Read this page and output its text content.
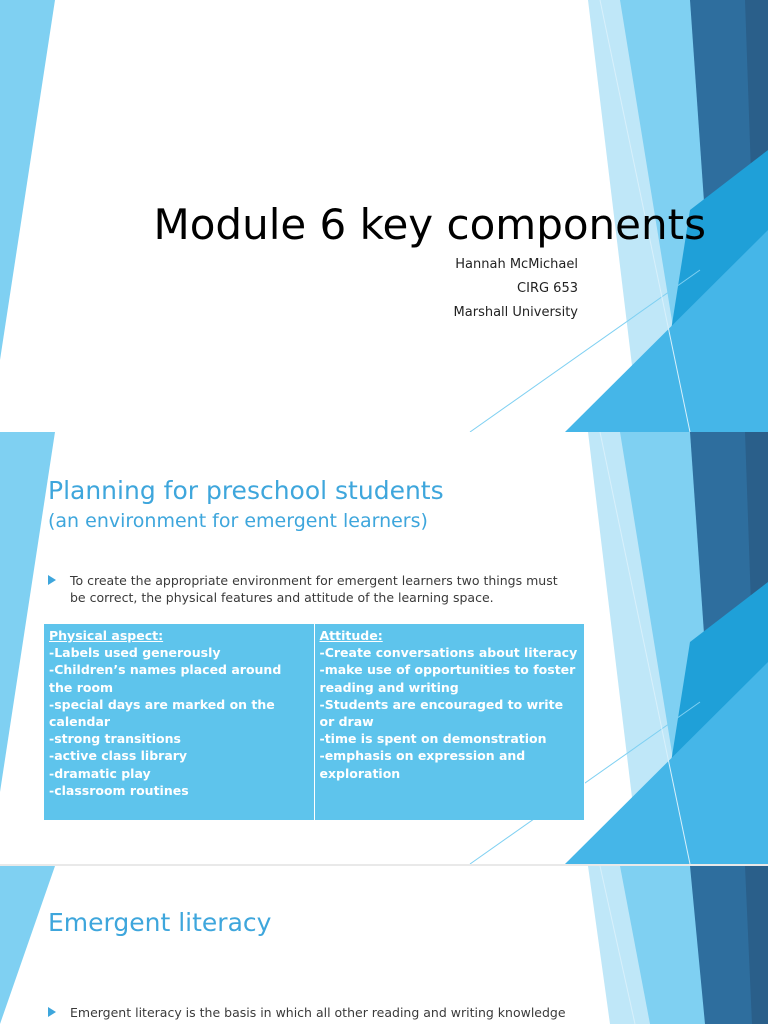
Module 6 key components
Hannah McMichael
CIRG 653
Marshall University
Planning for preschool students
(an environment for emergent learners)
To create the appropriate environment for emergent learners two things must be correct, the physical features and attitude of the learning space.
Physical aspect:
-Labels used generously
-Children’s names placed around the room
-special days are marked on the calendar
-strong transitions
-active class library
-dramatic play
-classroom routines

Attitude:
-Create conversations about literacy
-make use of opportunities to foster reading and writing
-Students are encouraged to write or draw
-time is spent on demonstration
-emphasis on expression and exploration
Emergent literacy
Emergent literacy is the basis in which all other reading and writing knowledge
